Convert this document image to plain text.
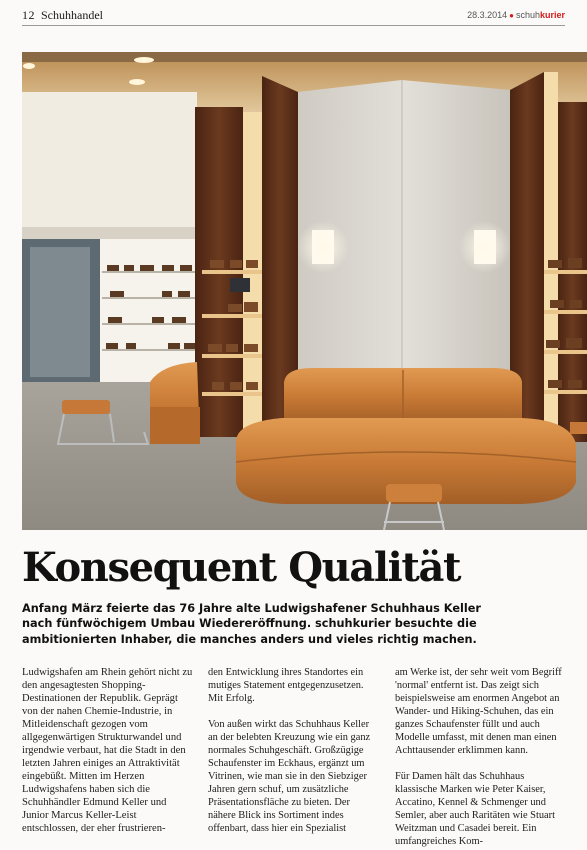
12 Schuhhandel	28.3.2014 ● schuhkurier
Konsequent Qualität
Anfang März feierte das 76 Jahre alte Ludwigshafener Schuhhaus Keller nach fünfwöchigem Umbau Wiedereröffnung. schuhkurier besuchte die ambitionierten Inhaber, die manches anders und vieles richtig machen.

Ludwigshafen am Rhein gehört nicht zu den angesagtesten Shopping-Destinationen der Republik. Geprägt von der nahen Chemie-Industrie, in Mitleidenschaft gezogen vom allgegenwärtigen Strukturwandel und irgendwie verbaut, hat die Stadt in den letzten Jahren einiges an Attraktivität eingebüßt. Mitten im Herzen Ludwigshafens haben sich die Schuhhändler Edmund Keller und Junior Marcus Keller-Leist entschlossen, der eher frustrieren-

den Entwicklung ihres Standortes ein mutiges Statement entgegenzusetzen. Mit Erfolg.

Von außen wirkt das Schuhhaus Keller an der belebten Kreuzung wie ein ganz normales Schuhgeschäft. Großzügige Schaufenster im Eckhaus, ergänzt um Vitrinen, wie man sie in den Siebziger Jahren gern schuf, um zusätzliche Präsentationsfläche zu bieten. Der nähere Blick ins Sortiment indes offenbart, dass hier ein Spezialist

am Werke ist, der sehr weit vom Begriff 'normal' entfernt ist. Das zeigt sich beispielsweise am enormen Angebot an Wander- und Hiking-Schuhen, das ein ganzes Schaufenster füllt und auch Modelle umfasst, mit denen man einen Achttausender erklimmen kann.

Für Damen hält das Schuhhaus klassische Marken wie Peter Kaiser, Accatino, Kennel & Schmenger und Semler, aber auch Raritäten wie Stuart Weitzman und Casadei bereit. Ein umfangreiches Kom-
